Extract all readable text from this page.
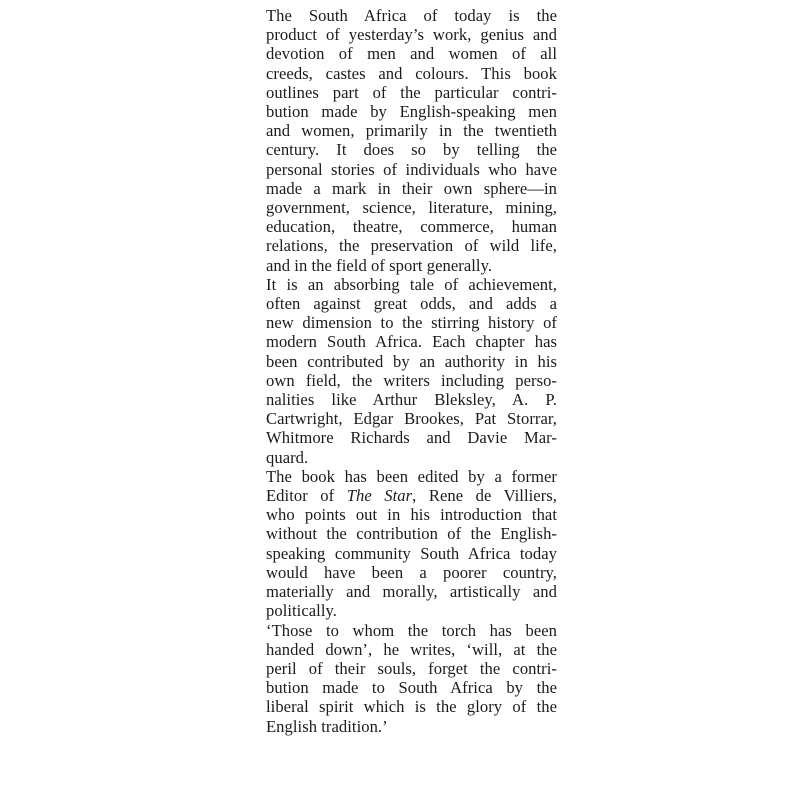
The South Africa of today is the
product of yesterday’s work, genius and
devotion of men and women of all
creeds, castes and colours. This book
outlines part of the particular contri-
bution made by English-speaking men
and women, primarily in the twentieth
century. It does so by telling the
personal stories of individuals who have
made a mark in their own sphere—in
government, science, literature, mining,
education, theatre, commerce, human
relations, the preservation of wild life,
and in the field of sport generally.

It is an absorbing tale of achievement,
often against great odds, and adds a
new dimension to the stirring history of
modern South Africa. Each chapter has
been contributed by an authority in his
own field, the writers including perso-
nalities like Arthur Bleksley, A. P.
Cartwright, Edgar Brookes, Pat Storrar,
Whitmore Richards and Davie Mar-
quard.

The book has been edited by a former
Editor of The Star, Rene de Villiers,
who points out in his introduction that
without the contribution of the English-
speaking community South Africa today
would have been a poorer country,
materially and morally, artistically and
politically.

‘Those to whom the torch has been
handed down’, he writes, ‘will, at the
peril of their souls, forget the contri-
bution made to South Africa by the
liberal spirit which is the glory of the
English tradition.’
